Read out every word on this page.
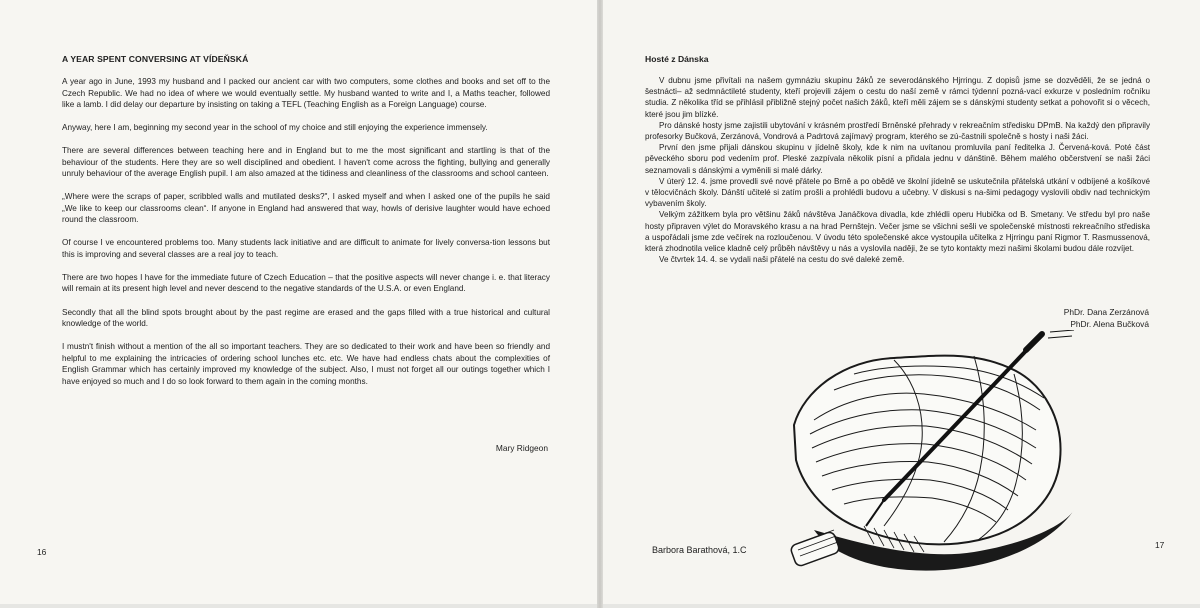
A YEAR SPENT CONVERSING AT VÍDEŇSKÁ

A year ago in June, 1993 my husband and I packed our ancient car with two computers, some clothes and books and set off to the Czech Republic. We had no idea of where we would eventually settle. My husband wanted to write and I, a Maths teacher, followed like a lamb. I did delay our departure by insisting on taking a TEFL (Teaching English as a Foreign Language) course.

Anyway, here I am, beginning my second year in the school of my choice and still enjoying the experience immensely.

There are several differences between teaching here and in England but to me the most significant and startling is that of the behaviour of the students. Here they are so well disciplined and obedient. I haven't come across the fighting, bullying and generally unruly behaviour of the average English pupil. I am also amazed at the tidiness and cleanliness of the classrooms and school canteen.

„Where were the scraps of paper, scribbled walls and mutilated desks?", I asked myself and when I asked one of the pupils he said „We like to keep our classrooms clean“. If anyone in England had answered that way, howls of derisive laughter would have echoed round the classroom.

Of course I ve encountered problems too. Many students lack initiative and are difficult to animate for lively conversa-tion lessons but this is improving and several classes are a real joy to teach.

There are two hopes I have for the immediate future of Czech Education – that the positive aspects will never change i. e. that literacy will remain at its present high level and never descend to the negative standards of the U.S.A. or even England.

Secondly that all the blind spots brought about by the past regime are erased and the gaps filled with a true historical and cultural knowledge of the world.

I mustn't finish without a mention of the all so important teachers. They are so dedicated to their work and have been so friendly and helpful to me explaining the intricacies of ordering school lunches etc. etc. We have had endless chats about the complexities of English Grammar which has certainly improved my knowledge of the subject. Also, I must not forget all our outings together which I have enjoyed so much and I do so look forward to them again in the coming months.

Mary Ridgeon
16
Hosté z Dánska

V dubnu jsme přivítali na našem gymnáziu skupinu žáků ze severodánského Hjrringu. Z dopisů jsme se dozvěděli, že se jedná o šestnácti– až sedmnáctileté studenty, kteří projevili zájem o cestu do naší země v rámci týdenní pozná-vací exkurze v posledním ročníku studia. Z několika tříd se přihlásil přibližně stejný počet našich žáků, kteří měli zájem se s dánskými studenty setkat a pohovořit si o věcech, které jsou jim blízké.

Pro dánské hosty jsme zajistili ubytování v krásném prostředí Brněnské přehrady v rekreačním středisku DPmB. Na každý den připravily profesorky Bučková, Zerzánová, Vondrová a Padrtová zajímavý program, kterého se zú-častnili společně s hosty i naši žáci.

První den jsme přijali dánskou skupinu v jídelně školy, kde k nim na uvítanou promluvila paní ředitelka J. Červená-ková. Poté část pěveckého sboru pod vedením prof. Pleské zazpívala několik písní a přidala jednu v dánštině. Během malého občerstvení se naši žáci seznamovali s dánskými a vyměnili si malé dárky.

V úterý 12. 4. jsme provedli své nové přátele po Brně a po obědě ve školní jídelně se uskutečnila přátelská utkání v odbíjené a košíkové v tělocvičnách školy. Dánští učitelé si zatím prošli a prohlédli budovu a učebny. V diskusi s na-šimi pedagogy vyslovili obdiv nad technickým vybavením školy.

Velkým zážitkem byla pro většinu žáků návštěva Janáčkova divadla, kde zhlédli operu Hubička od B. Smetany. Ve středu byl pro naše hosty připraven výlet do Moravského krasu a na hrad Pernštejn. Večer jsme se všichni sešli ve společenské místnosti rekreačního střediska a uspořádali jsme zde večírek na rozloučenou. V úvodu této společenské akce vystoupila učitelka z Hjrringu paní Rigmor T. Rasmussenová, která zhodnotila velice kladně celý průběh návštěvy u nás a vyslovila naději, že se tyto kontakty mezi našimi školami budou dále rozvíjet.

Ve čtvrtek 14. 4. se vydali naši přátelé na cestu do své daleké země.

PhDr. Dana Zerzánová
PhDr. Alena Bučková
Barbora Barathová, 1.C	17
